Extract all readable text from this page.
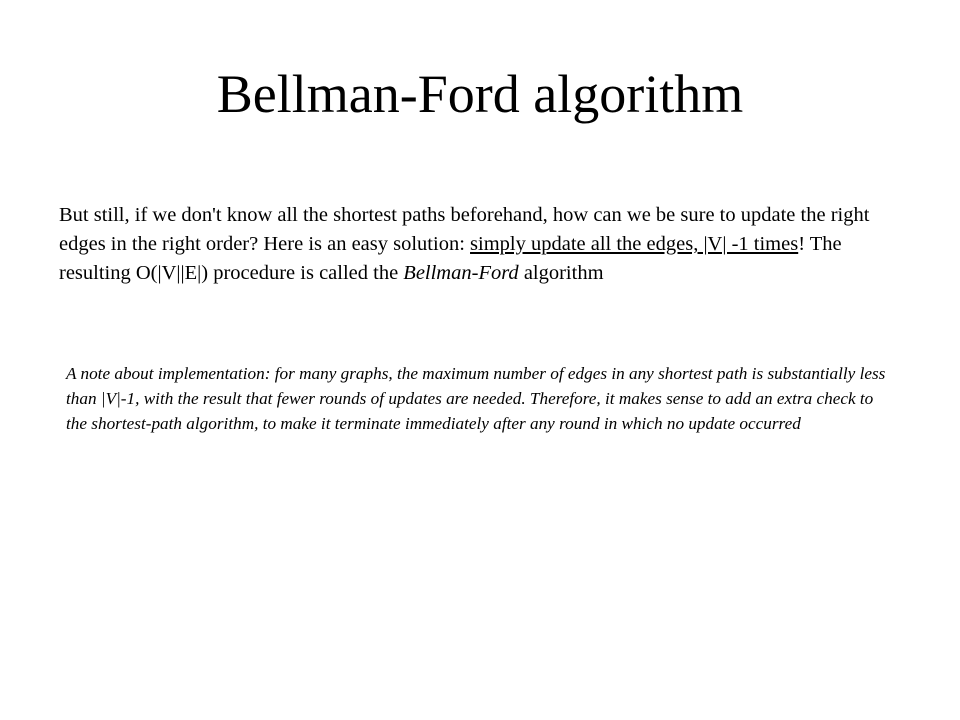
Bellman-Ford algorithm

But still, if we don't know all the shortest paths beforehand, how can we be sure to update the right edges in the right order? Here is an easy solution: simply update all the edges, |V| -1 times! The resulting O(|V||E|) procedure is called the Bellman-Ford algorithm

A note about implementation: for many graphs, the maximum number of edges in any shortest path is substantially less than |V|-1, with the result that fewer rounds of updates are needed. Therefore, it makes sense to add an extra check to the shortest-path algorithm, to make it terminate immediately after any round in which no update occurred
